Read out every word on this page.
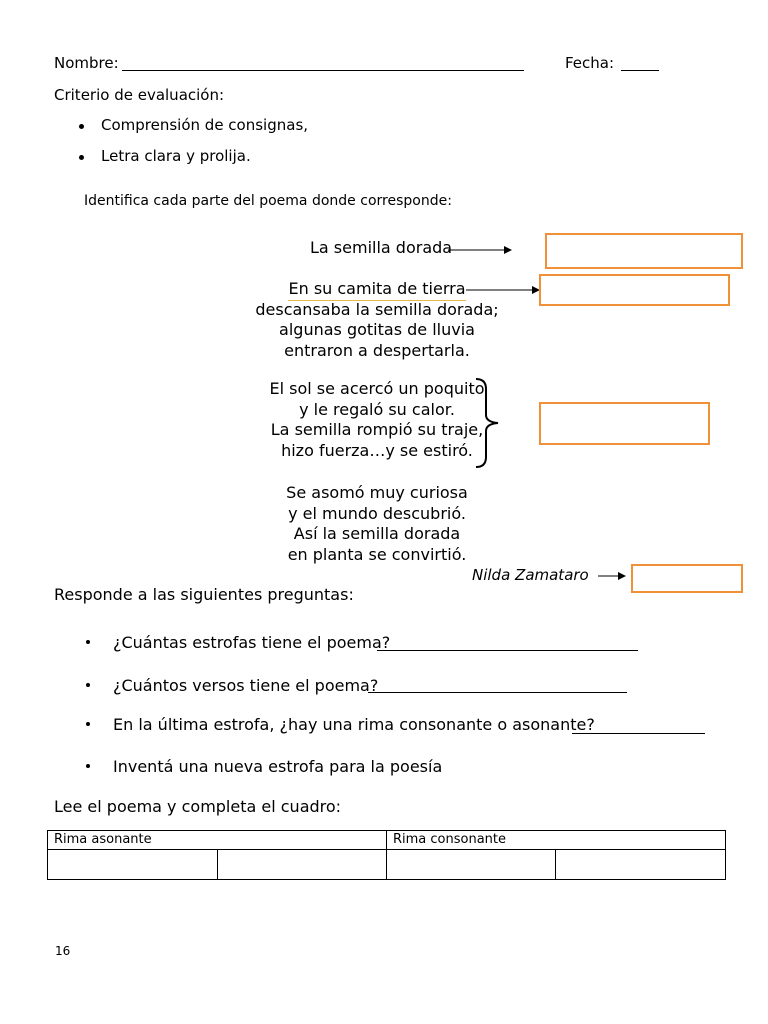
Nombre:	Fecha:
Criterio de evaluación:
Comprensión de consignas,
Letra clara y prolija.
Identifica cada parte del poema donde corresponde:
La semilla dorada
En su camita de tierra
descansaba la semilla dorada;
algunas gotitas de lluvia
entraron a despertarla.
El sol se acercó un poquito
y le regaló su calor.
La semilla rompió su traje,
hizo fuerza…y se estiró.
Se asomó muy curiosa
y el mundo descubrió.
Así la semilla dorada
en planta se convirtió.
Nilda Zamataro
Responde a las siguientes preguntas:
¿Cuántas estrofas tiene el poema?
¿Cuántos versos tiene el poema?
En la última estrofa, ¿hay una rima consonante o asonante?
Inventá una nueva estrofa para la poesía
Lee el poema y completa el cuadro:
Rima asonante	Rima consonante
16
